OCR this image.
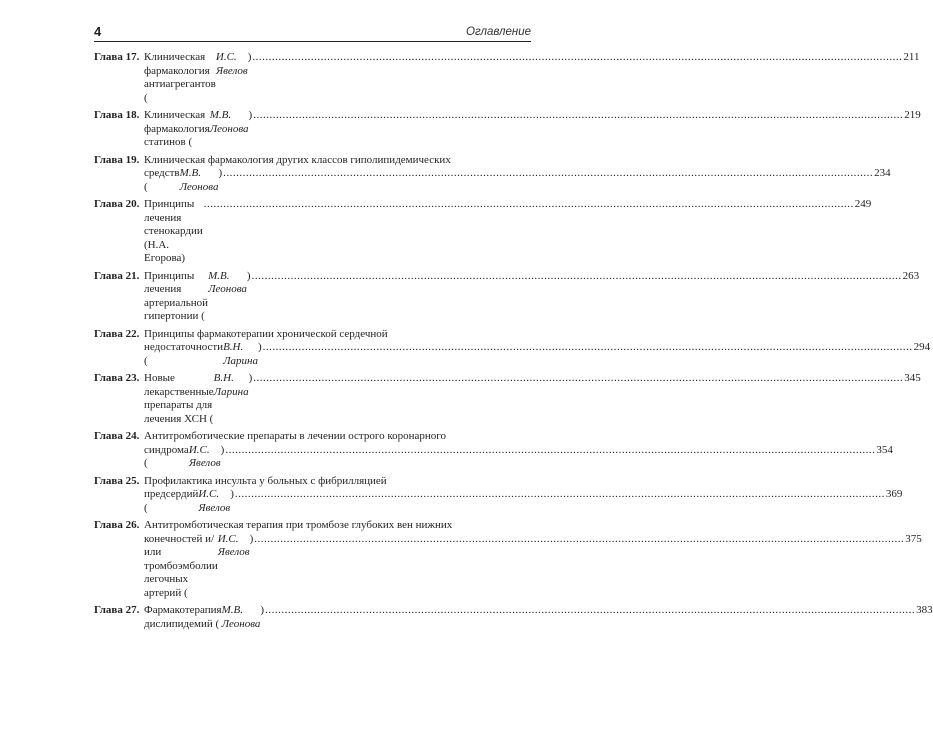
4	Оглавление
Глава 17. Клиническая фармакология антиагрегантов (
И.С. Явелов
) ........................................................................................................................................................................................................ 211
Глава 18. Клиническая фармакология статинов (
М.В. Леонова
) ........................................................................................................................................................................................................ 219
Глава 19. Клиническая фармакология других классов гиполипидемических
средств (
М.В. Леонова
) ........................................................................................................................................................................................................ 234
Глава 20. Принципы лечения стенокардии (Н.А. Егорова)
........................................................................................................................................................................................................ 249
Глава 21. Принципы лечения артериальной гипертонии (
М.В. Леонова
) ........................................................................................................................................................................................................ 263
Глава 22. Принципы фармакотерапии хронической сердечной
недостаточности (
В.Н. Ларина
) ........................................................................................................................................................................................................ 294
Глава 23. Новые лекарственные препараты для лечения ХСН (
В.Н. Ларина
) ........................................................................................................................................................................................................ 345
Глава 24. Антитромботические препараты в лечении острого коронарного
синдрома (
И.С. Явелов
) ........................................................................................................................................................................................................ 354
Глава 25. Профилактика инсульта у больных с фибрилляцией
предсердий (
И.С. Явелов
) ........................................................................................................................................................................................................ 369
Глава 26. Антитромботическая терапия при тромбозе глубоких вен нижних
конечностей и/или тромбоэмболии легочных артерий (
И.С. Явелов
) ........................................................................................................................................................................................................ 375
Глава 27. Фармакотерапия дислипидемий (
М.В. Леонова
) ........................................................................................................................................................................................................ 383
